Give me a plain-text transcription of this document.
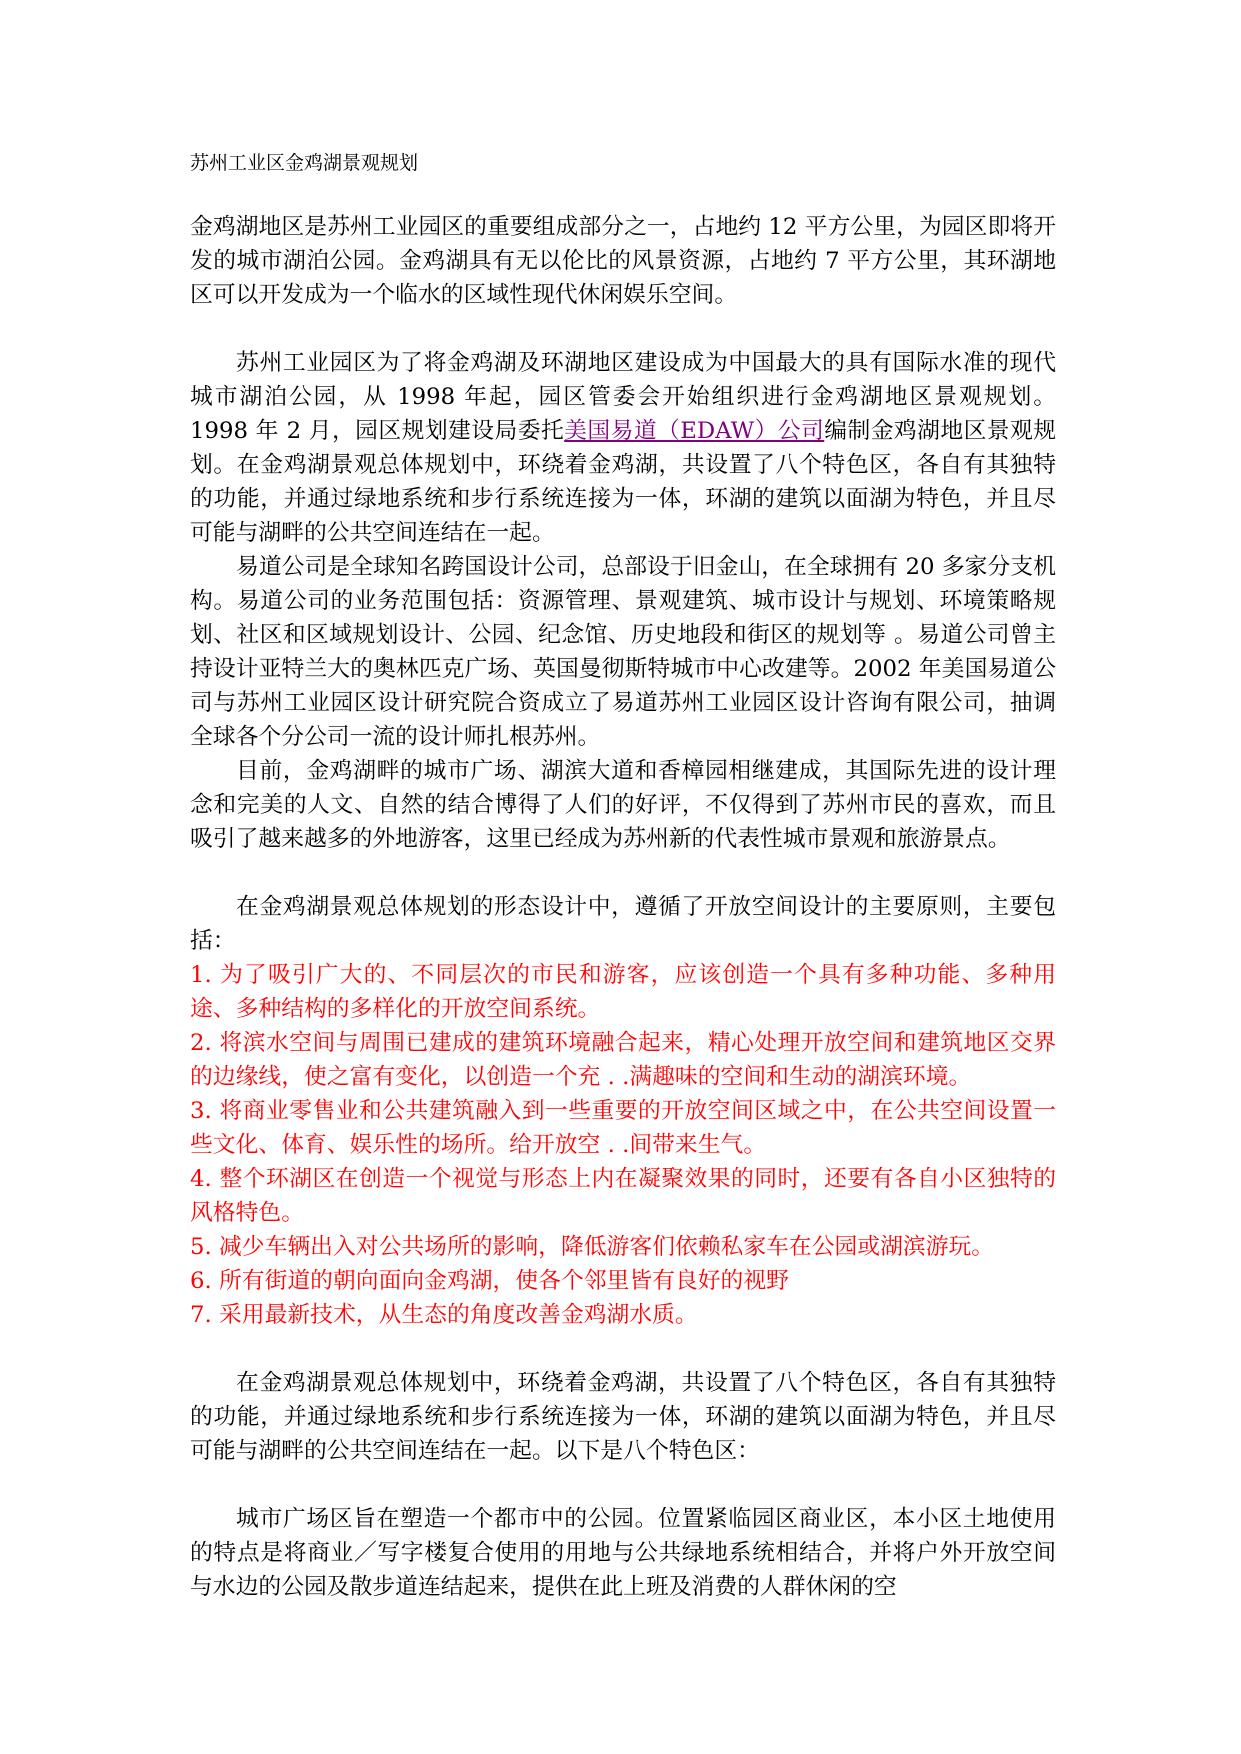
苏州工业区金鸡湖景观规划

金鸡湖地区是苏州工业园区的重要组成部分之一，占地约 12 平方公里，为园区即将开发的城市湖泊公园。金鸡湖具有无以伦比的风景资源，占地约 7 平方公里，其环湖地区可以开发成为一个临水的区域性现代休闲娱乐空间。

苏州工业园区为了将金鸡湖及环湖地区建设成为中国最大的具有国际水准的现代城市湖泊公园，从 1998 年起，园区管委会开始组织进行金鸡湖地区景观规划。 1998 年 2 月，园区规划建设局委托美国易道（EDAW）公司编制金鸡湖地区景观规划。在金鸡湖景观总体规划中，环绕着金鸡湖，共设置了八个特色区，各自有其独特的功能，并通过绿地系统和步行系统连接为一体，环湖的建筑以面湖为特色，并且尽可能与湖畔的公共空间连结在一起。

易道公司是全球知名跨国设计公司，总部设于旧金山，在全球拥有 20 多家分支机构。易道公司的业务范围包括：资源管理、景观建筑、城市设计与规划、环境策略规划、社区和区域规划设计、公园、纪念馆、历史地段和街区的规划等 。易道公司曾主持设计亚特兰大的奥林匹克广场、英国曼彻斯特城市中心改建等。2002 年美国易道公司与苏州工业园区设计研究院合资成立了易道苏州工业园区设计咨询有限公司，抽调全球各个分公司一流的设计师扎根苏州。

目前，金鸡湖畔的城市广场、湖滨大道和香樟园相继建成，其国际先进的设计理念和完美的人文、自然的结合博得了人们的好评，不仅得到了苏州市民的喜欢，而且吸引了越来越多的外地游客，这里已经成为苏州新的代表性城市景观和旅游景点。

在金鸡湖景观总体规划的形态设计中，遵循了开放空间设计的主要原则，主要包括：

1. 为了吸引广大的、不同层次的市民和游客，应该创造一个具有多种功能、多种用途、多种结构的多样化的开放空间系统。
2. 将滨水空间与周围已建成的建筑环境融合起来，精心处理开放空间和建筑地区交界的边缘线，使之富有变化，以创造一个充 . .满趣味的空间和生动的湖滨环境。
3. 将商业零售业和公共建筑融入到一些重要的开放空间区域之中，在公共空间设置一些文化、体育、娱乐性的场所。给开放空 . .间带来生气。
4. 整个环湖区在创造一个视觉与形态上内在凝聚效果的同时，还要有各自小区独特的风格特色。
5. 减少车辆出入对公共场所的影响，降低游客们依赖私家车在公园或湖滨游玩。
6. 所有街道的朝向面向金鸡湖，使各个邻里皆有良好的视野
7. 采用最新技术，从生态的角度改善金鸡湖水质。

在金鸡湖景观总体规划中，环绕着金鸡湖，共设置了八个特色区，各自有其独特的功能，并通过绿地系统和步行系统连接为一体，环湖的建筑以面湖为特色，并且尽可能与湖畔的公共空间连结在一起。以下是八个特色区：

城市广场区旨在塑造一个都市中的公园。位置紧临园区商业区，本小区土地使用的特点是将商业／写字楼复合使用的用地与公共绿地系统相结合，并将户外开放空间与水边的公园及散步道连结起来，提供在此上班及消费的人群休闲的空
